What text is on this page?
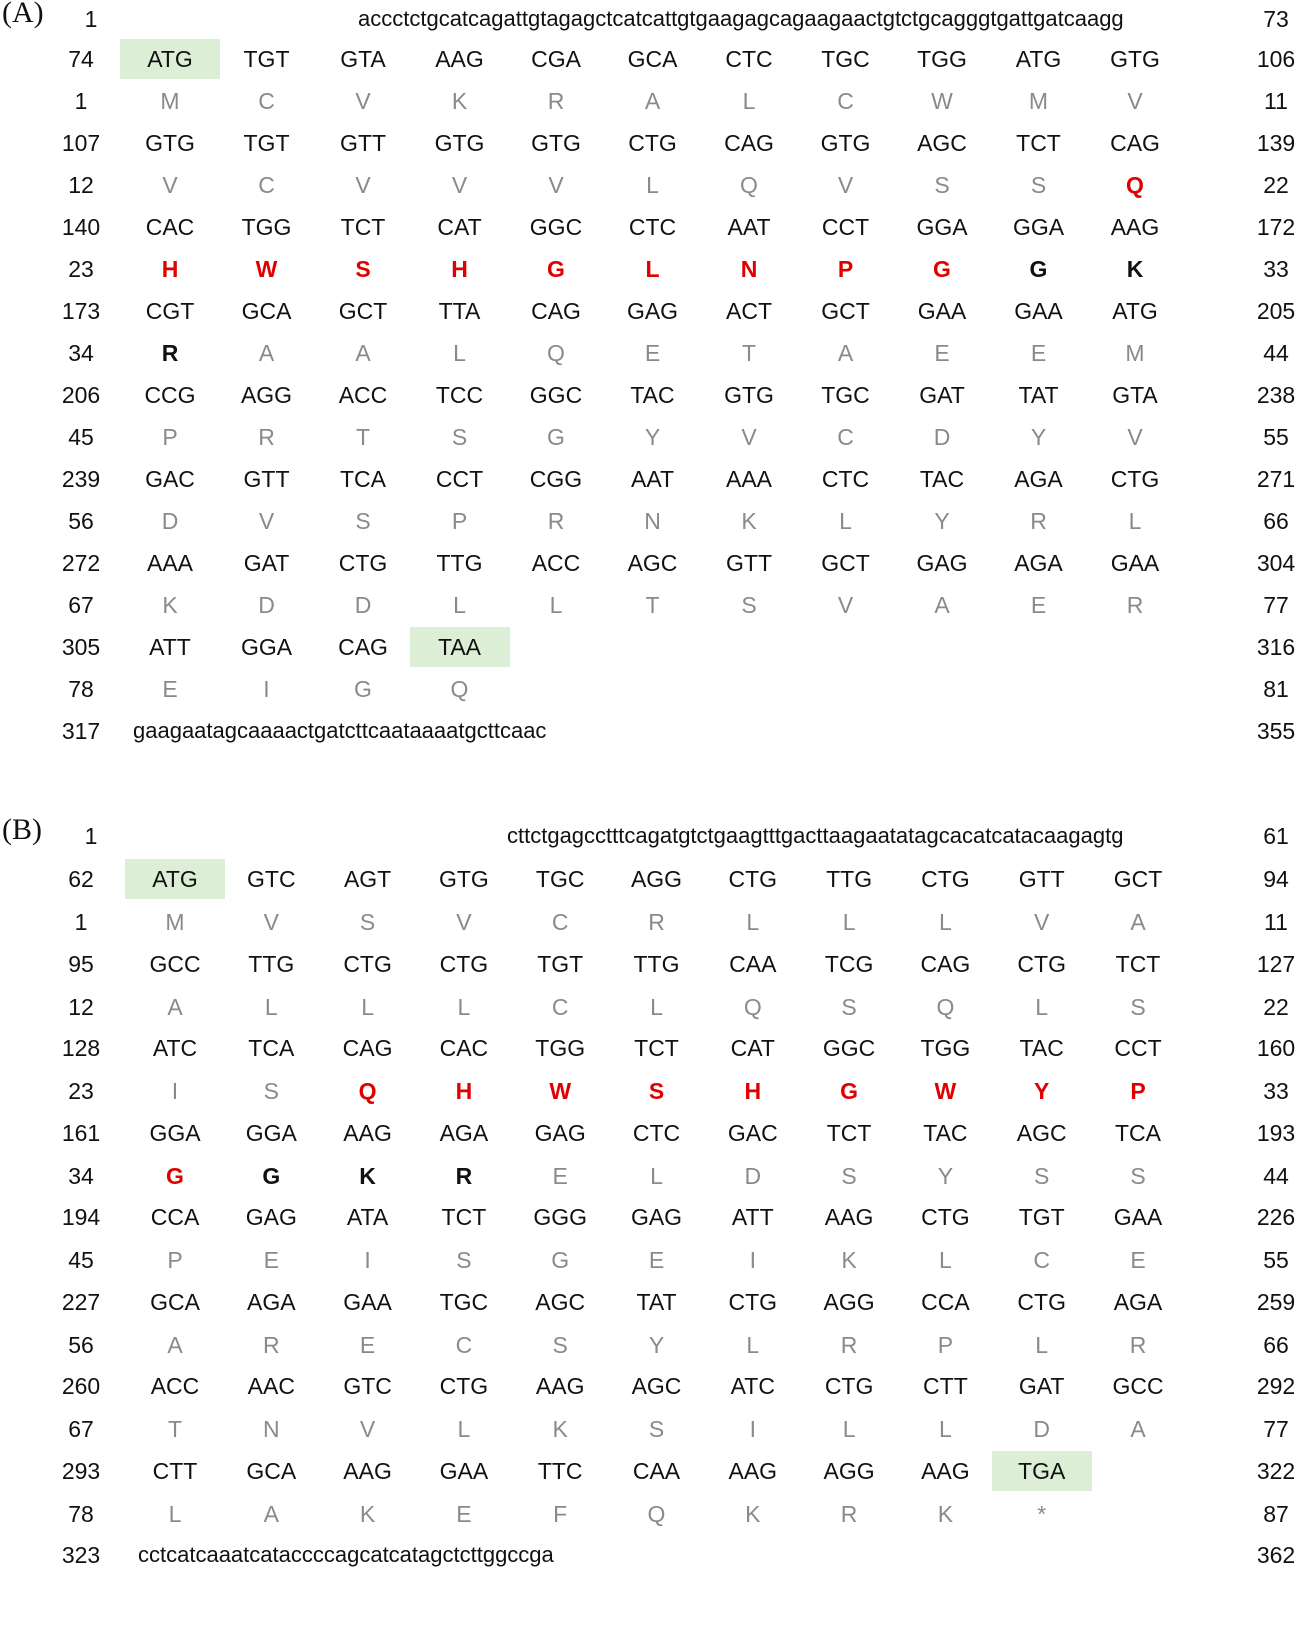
(A)	1	accctctgcatcagattgtagagctcatcattgtgaagagcagaagaactgtctgcagggtgattgatcaagg	73
74	ATG	TGT	GTA	AAG	CGA	GCA	CTC	TGC	TGG	ATG	GTG	106
1	M	C	V	K	R	A	L	C	W	M	V	11
107	GTG	TGT	GTT	GTG	GTG	CTG	CAG	GTG	AGC	TCT	CAG	139
12	V	C	V	V	V	L	Q	V	S	S	Q	22
140	CAC	TGG	TCT	CAT	GGC	CTC	AAT	CCT	GGA	GGA	AAG	172
23	H	W	S	H	G	L	N	P	G	G	K	33
173	CGT	GCA	GCT	TTA	CAG	GAG	ACT	GCT	GAA	GAA	ATG	205
34	R	A	A	L	Q	E	T	A	E	E	M	44
206	CCG	AGG	ACC	TCC	GGC	TAC	GTG	TGC	GAT	TAT	GTA	238
45	P	R	T	S	G	Y	V	C	D	Y	V	55
239	GAC	GTT	TCA	CCT	CGG	AAT	AAA	CTC	TAC	AGA	CTG	271
56	D	V	S	P	R	N	K	L	Y	R	L	66
272	AAA	GAT	CTG	TTG	ACC	AGC	GTT	GCT	GAG	AGA	GAA	304
67	K	D	D	L	L	T	S	V	A	E	R	77
305	ATT	GGA	CAG	TAA	316
78	E	I	G	Q	81
317	gaagaatagcaaaactgatcttcaataaaatgcttcaac	355
(B)	1	cttctgagcctttcagatgtctgaagtttgacttaagaatatagcacatcatacaagagtg	61
62	ATG	GTC	AGT	GTG	TGC	AGG	CTG	TTG	CTG	GTT	GCT	94
1	M	V	S	V	C	R	L	L	L	V	A	11
95	GCC	TTG	CTG	CTG	TGT	TTG	CAA	TCG	CAG	CTG	TCT	127
12	A	L	L	L	C	L	Q	S	Q	L	S	22
128	ATC	TCA	CAG	CAC	TGG	TCT	CAT	GGC	TGG	TAC	CCT	160
23	I	S	Q	H	W	S	H	G	W	Y	P	33
161	GGA	GGA	AAG	AGA	GAG	CTC	GAC	TCT	TAC	AGC	TCA	193
34	G	G	K	R	E	L	D	S	Y	S	S	44
194	CCA	GAG	ATA	TCT	GGG	GAG	ATT	AAG	CTG	TGT	GAA	226
45	P	E	I	S	G	E	I	K	L	C	E	55
227	GCA	AGA	GAA	TGC	AGC	TAT	CTG	AGG	CCA	CTG	AGA	259
56	A	R	E	C	S	Y	L	R	P	L	R	66
260	ACC	AAC	GTC	CTG	AAG	AGC	ATC	CTG	CTT	GAT	GCC	292
67	T	N	V	L	K	S	I	L	L	D	A	77
293	CTT	GCA	AAG	GAA	TTC	CAA	AAG	AGG	AAG	TGA	322
78	L	A	K	E	F	Q	K	R	K	*	87
323	cctcatcaaatcataccccagcatcatagctcttggccga	362
